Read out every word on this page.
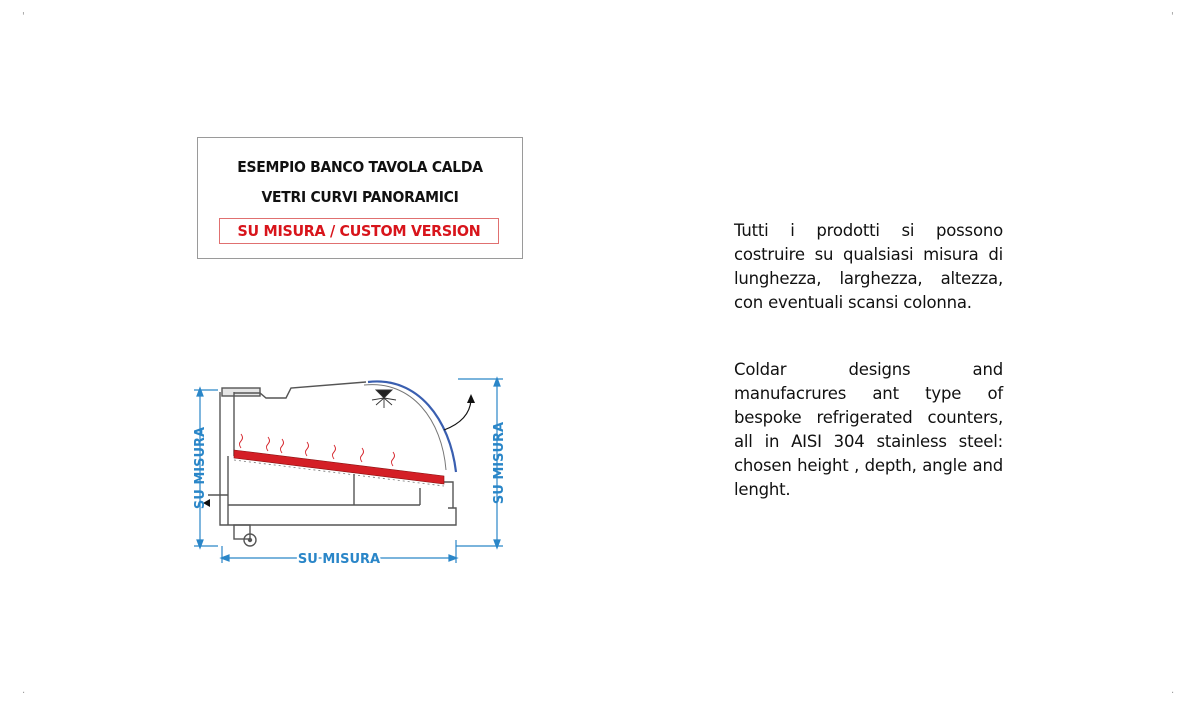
'	'
.	.
ESEMPIO BANCO TAVOLA CALDA
VETRI CURVI PANORAMICI
SU MISURA / CUSTOM VERSION
SU MISURA	SU MISURA
SU MISURA

Tutti i prodotti si possono costruire su qualsiasi misura di lunghezza, larghezza, altezza, con eventuali scansi colonna.

Coldar designs and manufacrures ant type of bespoke refrigerated counters, all in AISI 304 stainless steel: chosen height , depth, angle and lenght.
